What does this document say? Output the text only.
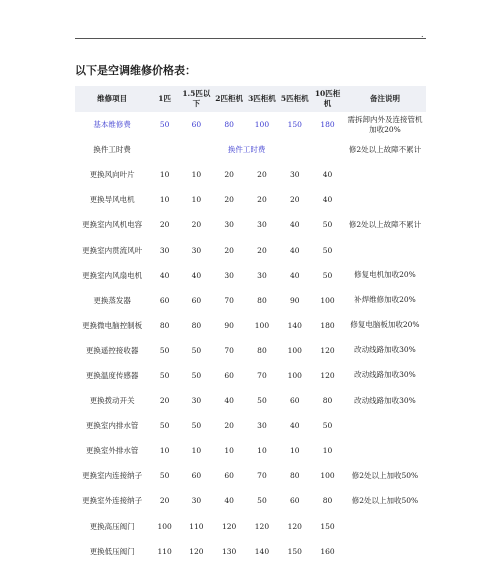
.
以下是空调维修价格表：
维修项目	1匹	1.5匹以下	2匹柜机	3匹柜机	5匹柜机	10匹柜机	备注说明
基本维修费	50	60	80	100	150	180	需拆卸内外及连接管机加收20%
换件工时费	换件工时费						修2处以上故障不累计
更换风向叶片	10	10	20	20	30	40	
更换导风电机	10	10	20	20	20	40	
更换室内风机电容	20	20	30	30	40	50	修2处以上故障不累计
更换室内贯流风叶	30	30	20	20	40	50	
更换室内风扇电机	40	40	30	30	40	50	修复电机加收20%
更换蒸发器	60	60	70	80	90	100	补焊维修加收20%
更换微电脑控制板	80	80	90	100	140	180	修复电脑板加收20%
更换遥控接收器	50	50	70	80	100	120	改动线路加收30%
更换温度传感器	50	50	60	70	100	120	改动线路加收30%
更换拨动开关	20	30	40	50	60	80	改动线路加收30%
更换室内排水管	50	50	20	30	40	50	
更换室外排水管	10	10	10	10	10	10	
更换室内连接纳子	50	60	60	70	80	100	修2处以上加收50%
更换室外连接纳子	20	30	40	50	60	80	修2处以上加收50%
更换高压阀门	100	110	120	120	120	150	
更换低压阀门	110	120	130	140	150	160	
